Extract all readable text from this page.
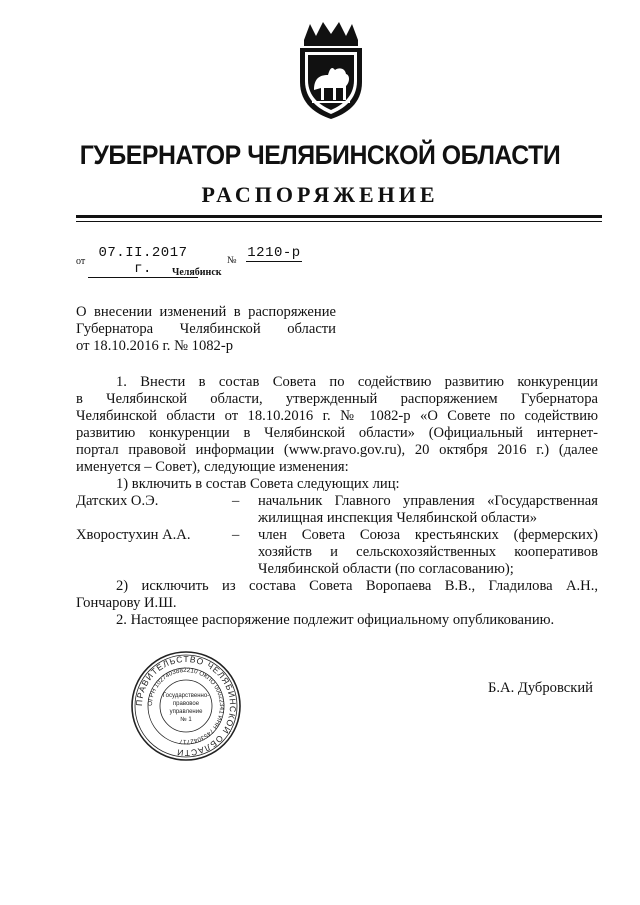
ГУБЕРНАТОР ЧЕЛЯБИНСКОЙ ОБЛАСТИ
РАСПОРЯЖЕНИЕ
от
07.II.2017 г.
№ 1210-р
Челябинск
О внесении изменений в распоряжение
Губернатора Челябинской области
от 18.10.2016 г. № 1082-р
1. Внести в состав Совета по содействию развитию конкуренции
в Челябинской области, утвержденный распоряжением Губернатора
Челябинской области от 18.10.2016 г. № 1082-р «О Совете по содействию
развитию конкуренции в Челябинской области» (Официальный интернет-
портал правовой информации (www.pravo.gov.ru), 20 октября 2016 г.) (далее
именуется – Совет), следующие изменения:
1) включить в состав Совета следующих лиц:
Датских О.Э.	– начальник Главного управления «Государственная
жилищная инспекция Челябинской области»
Хворостухин А.А.	– член Совета Союза крестьянских (фермерских)
хозяйств и сельскохозяйственных кооперативов
Челябинской области (по согласованию);
2) исключить из состава Совета Воропаева В.В., Гладилова А.Н.,
Гончарову И.Ш.
2. Настоящее распоряжение подлежит официальному опубликованию.
ПРАВИТЕЛЬСТВО ЧЕЛЯБИНСКОЙ ОБЛАСТИ
ОГРН 1027403882210 ОКПО 00022341 ИНН 7453042717
Государственно-
правовое
управление
№ 1
Б.А. Дубровский
